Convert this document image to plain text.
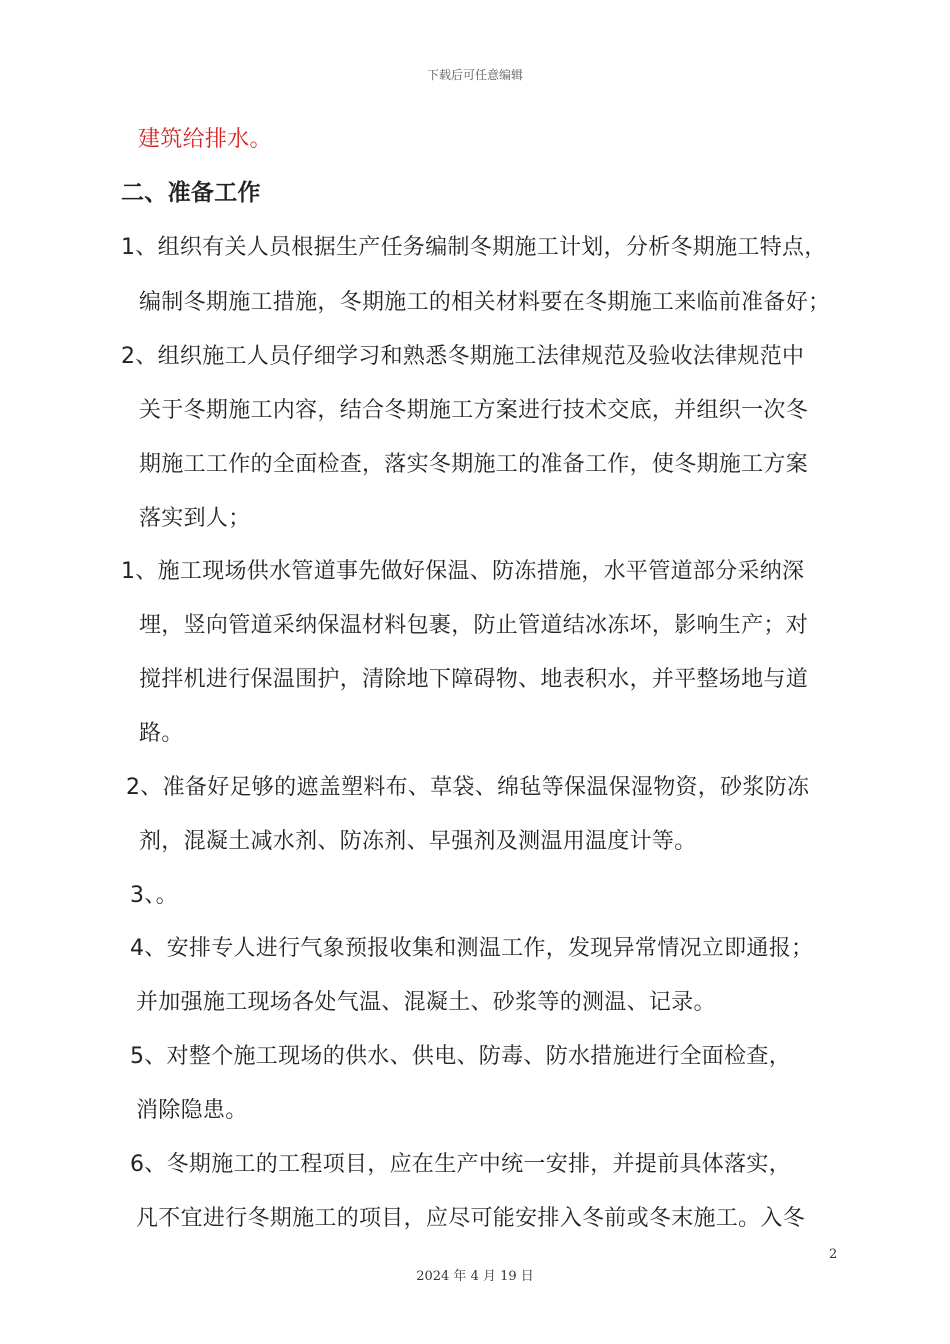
下载后可任意编辑
建筑给排水。
二、准备工作
1、组织有关人员根据生产任务编制冬期施工计划，分析冬期施工特点，
编制冬期施工措施，冬期施工的相关材料要在冬期施工来临前准备好；
2、组织施工人员仔细学习和熟悉冬期施工法律规范及验收法律规范中
关于冬期施工内容，结合冬期施工方案进行技术交底，并组织一次冬
期施工工作的全面检查，落实冬期施工的准备工作，使冬期施工方案
落实到人；
1、施工现场供水管道事先做好保温、防冻措施，水平管道部分采纳深
埋，竖向管道采纳保温材料包裹，防止管道结冰冻坏，影响生产；对
搅拌机进行保温围护，清除地下障碍物、地表积水，并平整场地与道
路。
2、准备好足够的遮盖塑料布、草袋、绵毡等保温保湿物资，砂浆防冻
剂，混凝土减水剂、防冻剂、早强剂及测温用温度计等。
3、。
4、安排专人进行气象预报收集和测温工作，发现异常情况立即通报；
并加强施工现场各处气温、混凝土、砂浆等的测温、记录。
5、对整个施工现场的供水、供电、防毒、防水措施进行全面检查，
消除隐患。
6、冬期施工的工程项目，应在生产中统一安排，并提前具体落实，
凡不宜进行冬期施工的项目，应尽可能安排入冬前或冬末施工。入冬
2
2024 年 4 月 19 日
